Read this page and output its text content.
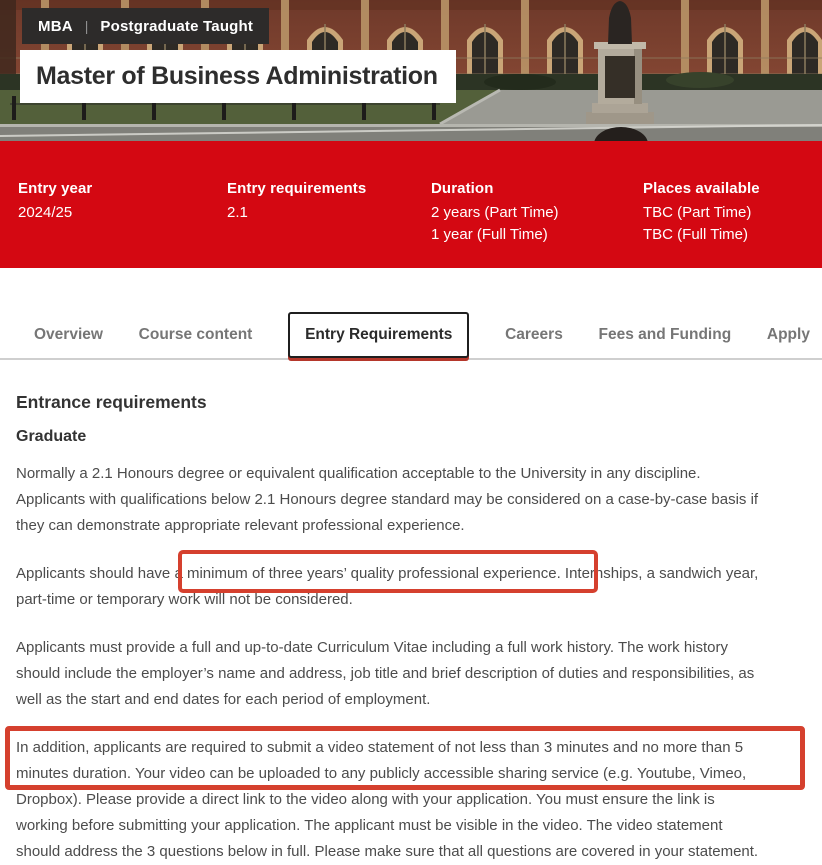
MBA | Postgraduate Taught
Master of Business Administration
Entry year
2024/25
Entry requirements
2.1
Duration
2 years (Part Time)
1 year (Full Time)
Places available
TBC (Part Time)
TBC (Full Time)
Overview Course content	Entry Requirements	Careers Fees and Funding Apply
Entrance requirements
Graduate

Normally a 2.1 Honours degree or equivalent qualification acceptable to the University in any discipline.
Applicants with qualifications below 2.1 Honours degree standard may be considered on a case-by-case basis if
they can demonstrate appropriate relevant professional experience.

Applicants should have a minimum of three years’ quality professional experience. Internships, a sandwich year,
part-time or temporary work will not be considered.

Applicants must provide a full and up-to-date Curriculum Vitae including a full work history. The work history
should include the employer’s name and address, job title and brief description of duties and responsibilities, as
well as the start and end dates for each period of employment.

In addition, applicants are required to submit a video statement of not less than 3 minutes and no more than 5
minutes duration. Your video can be uploaded to any publicly accessible sharing service (e.g. Youtube, Vimeo,
Dropbox). Please provide a direct link to the video along with your application. You must ensure the link is
working before submitting your application. The applicant must be visible in the video. The video statement
should address the 3 questions below in full. Please make sure that all questions are covered in your statement.
